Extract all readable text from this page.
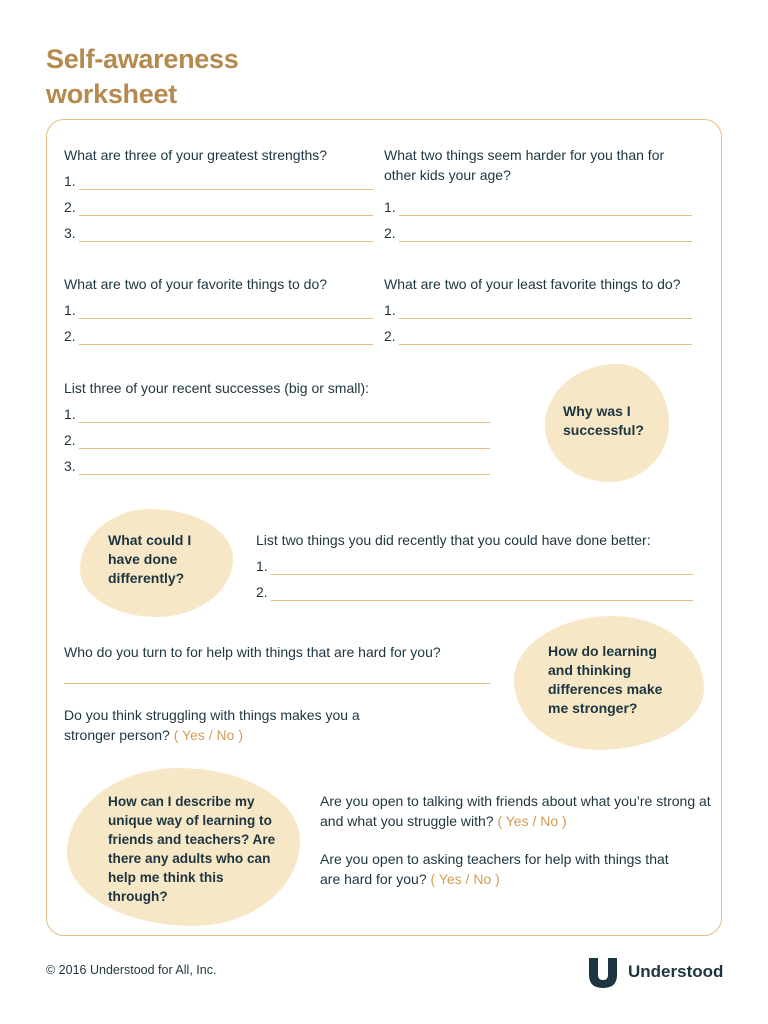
Self-awareness
worksheet
What are three of your greatest strengths?
1.
2.
3.
What two things seem harder for you than for other kids your age?
1.
2.
What are two of your favorite things to do?
1.
2.
What are two of your least favorite things to do?
1.
2.
List three of your recent successes (big or small):
1.
2.
3.
Why was I successful?
What could I have done differently?
List two things you did recently that you could have done better:
1.
2.
Who do you turn to for help with things that are hard for you?
Do you think struggling with things makes you a stronger person? ( Yes / No )
How do learning and thinking differences make me stronger?
How can I describe my unique way of learning to friends and teachers? Are there any adults who can help me think this through?
Are you open to talking with friends about what you’re strong at and what you struggle with? ( Yes / No )
Are you open to asking teachers for help with things that are hard for you? ( Yes / No )
© 2016 Understood for All, Inc.	Understood
